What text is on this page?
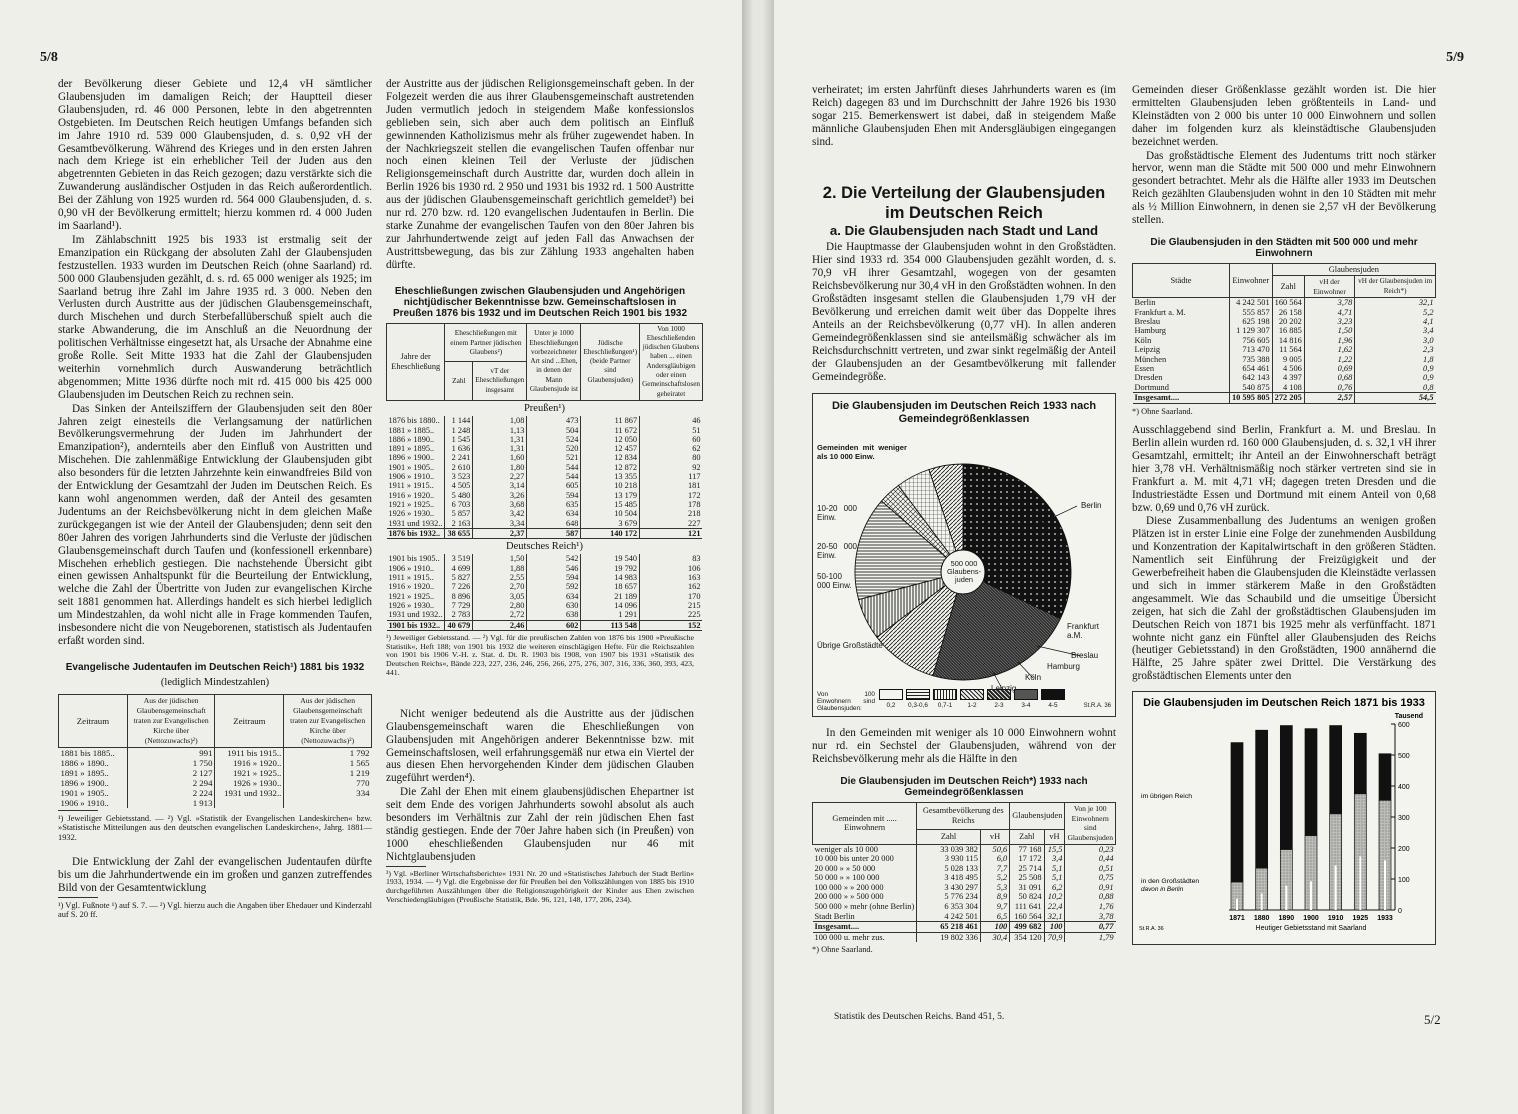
5/8

der Bevölkerung dieser Gebiete und 12,4 vH sämtlicher Glaubensjuden im damaligen Reich; der Hauptteil dieser Glaubensjuden, rd. 46 000 Personen, lebte in den abgetrennten Ostgebieten. Im Deutschen Reich heutigen Umfangs befanden sich im Jahre 1910 rd. 539 000 Glaubensjuden, d. s. 0,92 vH der Gesamtbevölkerung. Während des Krieges und in den ersten Jahren nach dem Kriege ist ein erheblicher Teil der Juden aus den abgetrennten Gebieten in das Reich gezogen; dazu verstärkte sich die Zuwanderung ausländischer Ostjuden in das Reich außerordentlich. Bei der Zählung von 1925 wurden rd. 564 000 Glaubensjuden, d. s. 0,90 vH der Bevölkerung ermittelt; hierzu kommen rd. 4 000 Juden im Saarland¹).

Im Zählabschnitt 1925 bis 1933 ist erstmalig seit der Emanzipation ein Rückgang der absoluten Zahl der Glaubensjuden festzustellen. 1933 wurden im Deutschen Reich (ohne Saarland) rd. 500 000 Glaubensjuden gezählt, d. s. rd. 65 000 weniger als 1925; im Saarland betrug ihre Zahl im Jahre 1935 rd. 3 000. Neben den Verlusten durch Austritte aus der jüdischen Glaubensgemeinschaft, durch Mischehen und durch Sterbefallüberschuß spielt auch die starke Abwanderung, die im Anschluß an die Neuordnung der politischen Verhältnisse eingesetzt hat, als Ursache der Abnahme eine große Rolle. Seit Mitte 1933 hat die Zahl der Glaubensjuden weiterhin vornehmlich durch Auswanderung beträchtlich abgenommen; Mitte 1936 dürfte noch mit rd. 415 000 bis 425 000 Glaubensjuden im Deutschen Reich zu rechnen sein.

Das Sinken der Anteilsziffern der Glaubensjuden seit den 80er Jahren zeigt einesteils die Verlangsamung der natürlichen Bevölkerungsvermehrung der Juden im Jahrhundert der Emanzipation²), andernteils aber den Einfluß von Austritten und Mischehen. Die zahlenmäßige Entwicklung der Glaubensjuden gibt also besonders für die letzten Jahrzehnte kein einwandfreies Bild von der Entwicklung der Gesamtzahl der Juden im Deutschen Reich. Es kann wohl angenommen werden, daß der Anteil des gesamten Judentums an der Reichsbevölkerung nicht in dem gleichen Maße zurückgegangen ist wie der Anteil der Glaubensjuden; denn seit den 80er Jahren des vorigen Jahrhunderts sind die Verluste der jüdischen Glaubensgemeinschaft durch Taufen und (konfessionell erkennbare) Mischehen erheblich gestiegen. Die nachstehende Übersicht gibt einen gewissen Anhaltspunkt für die Beurteilung der Entwicklung, welche die Zahl der Übertritte von Juden zur evangelischen Kirche seit 1881 genommen hat. Allerdings handelt es sich hierbei lediglich um Mindestzahlen, da wohl nicht alle in Frage kommenden Taufen, insbesondere nicht die von Neugeborenen, statistisch als Judentaufen erfaßt worden sind.

Evangelische Judentaufen im Deutschen Reich¹) 1881 bis 1932
(lediglich Mindestzahlen)
Zeitraum	Aus der jüdischen Glaubensgemeinschaft traten zur Evangelischen Kirche über (Nettozuwachs)²)	Zeitraum	Aus der jüdischen Glaubensgemeinschaft traten zur Evangelischen Kirche über (Nettozuwachs)²)
1881 bis 1885..	991	1911 bis 1915..	1 792
1886 » 1890..	1 750	1916 » 1920..	1 565
1891 » 1895..	2 127	1921 » 1925..	1 219
1896 » 1900..	2 294	1926 » 1930..	770
1901 » 1905..	2 224	1931 und 1932..	334
1906 » 1910..	1 913		
¹) Jeweiliger Gebietsstand. — ²) Vgl. »Statistik der Evangelischen Landeskirchen« bzw. »Statistische Mitteilungen aus den deutschen evangelischen Landeskirchen«, Jahrg. 1881—1932.

Die Entwicklung der Zahl der evangelischen Judentaufen dürfte bis um die Jahrhundertwende ein im großen und ganzen zutreffendes Bild von der Gesamtentwicklung

¹) Vgl. Fußnote ¹) auf S. 7. — ²) Vgl. hierzu auch die Angaben über Ehedauer und Kinderzahl auf S. 20 ff.

der Austritte aus der jüdischen Religionsgemeinschaft geben. In der Folgezeit werden die aus ihrer Glaubensgemeinschaft austretenden Juden vermutlich jedoch in steigendem Maße konfessionslos geblieben sein, sich aber auch dem politisch an Einfluß gewinnenden Katholizismus mehr als früher zugewendet haben. In der Nachkriegszeit stellen die evangelischen Taufen offenbar nur noch einen kleinen Teil der Verluste der jüdischen Religionsgemeinschaft durch Austritte dar, wurden doch allein in Berlin 1926 bis 1930 rd. 2 950 und 1931 bis 1932 rd. 1 500 Austritte aus der jüdischen Glaubensgemeinschaft gerichtlich gemeldet³) bei nur rd. 270 bzw. rd. 120 evangelischen Judentaufen in Berlin. Die starke Zunahme der evangelischen Taufen von den 80er Jahren bis zur Jahrhundertwende zeigt auf jeden Fall das Anwachsen der Austrittsbewegung, das bis zur Zählung 1933 angehalten haben dürfte.

Eheschließungen zwischen Glaubensjuden und Angehörigen nichtjüdischer Bekenntnisse bzw. Gemeinschaftslosen in Preußen 1876 bis 1932 und im Deutschen Reich 1901 bis 1932
Jahre der Eheschließung	Eheschließungen mit einem Partner jüdischen Glaubens²)		Unter je 1000 Eheschließungen vorbezeichneter Art sind ...Ehen, in denen der Mann Glaubensjude ist	Jüdische Eheschließungen¹) (beide Partner sind Glaubensjuden)	Von 1000 Eheschließenden jüdischen Glaubens haben ... einen Andersgläubigen oder einen Gemeinschaftslosen geheiratet
	Zahl	vT der Eheschließungen insgesamt			
Preußen¹)					
1876 bis 1880..	1 144	1,08	473	11 867	46
1881 » 1885..	1 248	1,13	504	11 672	51
1886 » 1890..	1 545	1,31	524	12 050	60
1891 » 1895..	1 636	1,31	520	12 457	62
1896 » 1900..	2 241	1,60	521	12 834	80
1901 » 1905..	2 610	1,80	544	12 872	92
1906 » 1910..	3 523	2,27	544	13 355	117
1911 » 1915..	4 505	3,14	605	10 218	181
1916 » 1920..	5 480	3,26	594	13 179	172
1921 » 1925..	6 703	3,68	635	15 485	178
1926 » 1930..	5 857	3,42	634	10 504	218
1931 und 1932..	2 163	3,34	648	3 679	227
1876 bis 1932..	38 655	2,37	587	140 172	121
Deutsches Reich¹)					
1901 bis 1905..	3 519	1,50	542	19 540	83
1906 » 1910..	4 699	1,88	546	19 792	106
1911 » 1915..	5 827	2,55	594	14 983	163
1916 » 1920..	7 226	2,70	592	18 657	162
1921 » 1925..	8 896	3,05	634	21 189	170
1926 » 1930..	7 729	2,80	630	14 096	215
1931 und 1932..	2 783	2,72	638	1 291	225
1901 bis 1932..	40 679	2,46	602	113 548	152
¹) Jeweiliger Gebietsstand. — ²) Vgl. für die preußischen Zahlen von 1876 bis 1900 »Preußische Statistik«, Heft 188; von 1901 bis 1932 die weiteren einschlägigen Hefte. Für die Reichszahlen von 1901 bis 1906 V.-H. z. Stat. d. Dt. R. 1903 bis 1908, von 1907 bis 1931 »Statistik des Deutschen Reichs«, Bände 223, 227, 236, 246, 256, 266, 275, 276, 307, 316, 336, 360, 393, 423, 441.

Nicht weniger bedeutend als die Austritte aus der jüdischen Glaubensgemeinschaft waren die Eheschließungen von Glaubensjuden mit Angehörigen anderer Bekenntnisse bzw. mit Gemeinschaftslosen, weil erfahrungsgemäß nur etwa ein Viertel der aus diesen Ehen hervorgehenden Kinder dem jüdischen Glauben zugeführt werden⁴).

Die Zahl der Ehen mit einem glaubensjüdischen Ehepartner ist seit dem Ende des vorigen Jahrhunderts sowohl absolut als auch besonders im Verhältnis zur Zahl der rein jüdischen Ehen fast ständig gestiegen. Ende der 70er Jahre haben sich (in Preußen) von 1000 eheschließenden Glaubensjuden nur 46 mit Nichtglaubensjuden

³) Vgl. »Berliner Wirtschaftsberichte« 1931 Nr. 20 und »Statistisches Jahrbuch der Stadt Berlin« 1933, 1934. — ⁴) Vgl. die Ergebnisse der für Preußen bei den Volkszählungen von 1885 bis 1910 durchgeführten Auszählungen über die Religionszugehörigkeit der Kinder aus Ehen zwischen Verschiedengläubigen (Preußische Statistik, Bde. 96, 121, 148, 177, 206, 234).
5/9

verheiratet; im ersten Jahrfünft dieses Jahrhunderts waren es (im Reich) dagegen 83 und im Durchschnitt der Jahre 1926 bis 1930 sogar 215. Bemerkenswert ist dabei, daß in steigendem Maße männliche Glaubensjuden Ehen mit Andersgläubigen eingegangen sind.

2. Die Verteilung der Glaubensjuden im Deutschen Reich
a. Die Glaubensjuden nach Stadt und Land

Die Hauptmasse der Glaubensjuden wohnt in den Großstädten. Hier sind 1933 rd. 354 000 Glaubensjuden gezählt worden, d. s. 70,9 vH ihrer Gesamtzahl, wogegen von der gesamten Reichsbevölkerung nur 30,4 vH in den Großstädten wohnen. In den Großstädten insgesamt stellen die Glaubensjuden 1,79 vH der Bevölkerung und erreichen damit weit über das Doppelte ihres Anteils an der Reichsbevölkerung (0,77 vH). In allen anderen Gemeindegrößenklassen sind sie anteilsmäßig schwächer als im Reichsdurchschnitt vertreten, und zwar sinkt regelmäßig der Anteil der Glaubensjuden an der Gesamtbevölkerung mit fallender Gemeindegröße.

Die Glaubensjuden im Deutschen Reich 1933 nach Gemeindegrößenklassen
500 000 Glaubens-juden
Gemeinden mit weniger als 10 000 Einw.
10-20 000 Einw.
20-50 000 Einw.
50-100 000 Einw.
Übrige Großstädte
Berlin
Frankfurt a.M.
Breslau
Hamburg
Köln
Von 100 Einwohnern sind Glaubensjuden:
0,2 0,3-0,6 0,7-1 1-2	2-3	3-4	4-5	St.R.A. 36

In den Gemeinden mit weniger als 10 000 Einwohnern wohnt nur rd. ein Sechstel der Glaubensjuden, während von der Reichsbevölkerung mehr als die Hälfte in den

Die Glaubensjuden im Deutschen Reich*) 1933 nach Gemeindegrößenklassen
Gemeinden mit ..... Einwohnern	Gesamtbevölkerung des Reichs		Glaubensjuden		Von je 100 Einwohnern sind Glaubensjuden
	Zahl	vH	Zahl	vH	
weniger als 10 000	33 039 382	50,6	77 168	15,5	0,23
10 000 bis unter 20 000	3 930 115	6,0	17 172	3,4	0,44
20 000 » » 50 000	5 028 133	7,7	25 714	5,1	0,51
50 000 » » 100 000	3 418 495	5,2	25 508	5,1	0,75
100 000 » » 200 000	3 430 297	5,3	31 091	6,2	0,91
200 000 » » 500 000	5 776 234	8,9	50 824	10,2	0,88
500 000 » mehr (ohne Berlin)	6 353 304	9,7	111 641	22,4	1,76
Stadt Berlin	4 242 501	6,5	160 564	32,1	3,78
Insgesamt....	65 218 461	100	499 682	100	0,77
100 000 u. mehr zus.	19 802 336	30,4	354 120	70,9	1,79
*) Ohne Saarland.
Statistik des Deutschen Reichs. Band 451, 5.	5/2

Gemeinden dieser Größenklasse gezählt worden ist. Die hier ermittelten Glaubensjuden leben größtenteils in Land- und Kleinstädten von 2 000 bis unter 10 000 Einwohnern und sollen daher im folgenden kurz als kleinstädtische Glaubensjuden bezeichnet werden.

Das großstädtische Element des Judentums tritt noch stärker hervor, wenn man die Städte mit 500 000 und mehr Einwohnern gesondert betrachtet. Mehr als die Hälfte aller 1933 im Deutschen Reich gezählten Glaubensjuden wohnt in den 10 Städten mit mehr als ½ Million Einwohnern, in denen sie 2,57 vH der Bevölkerung stellen.

Die Glaubensjuden in den Städten mit 500 000 und mehr Einwohnern
Städte	Einwohner	Glaubensjuden		
		Zahl	vH der Einwohner	vH der Glaubensjuden im Reich*)
Berlin	4 242 501	160 564	3,78	32,1
Frankfurt a. M.	555 857	26 158	4,71	5,2
Breslau	625 198	20 202	3,23	4,1
Hamburg	1 129 307	16 885	1,50	3,4
Köln	756 605	14 816	1,96	3,0
Leipzig	713 470	11 564	1,62	2,3
München	735 388	9 005	1,22	1,8
Essen	654 461	4 506	0,69	0,9
Dresden	642 143	4 397	0,68	0,9
Dortmund	540 875	4 108	0,76	0,8
Insgesamt....	10 595 805	272 205	2,57	54,5
*) Ohne Saarland.

Ausschlaggebend sind Berlin, Frankfurt a. M. und Breslau. In Berlin allein wurden rd. 160 000 Glaubensjuden, d. s. 32,1 vH ihrer Gesamtzahl, ermittelt; ihr Anteil an der Einwohnerschaft beträgt hier 3,78 vH. Verhältnismäßig noch stärker vertreten sind sie in Frankfurt a. M. mit 4,71 vH; dagegen treten Dresden und die Industriestädte Essen und Dortmund mit einem Anteil von 0,68 bzw. 0,69 und 0,76 vH zurück.

Diese Zusammenballung des Judentums an wenigen großen Plätzen ist in erster Linie eine Folge der zunehmenden Ausbildung und Konzentration der Kapitalwirtschaft in den größeren Städten. Namentlich seit Einführung der Freizügigkeit und der Gewerbefreiheit haben die Glaubensjuden die Kleinstädte verlassen und sich in immer stärkerem Maße in den Großstädten angesammelt. Wie das Schaubild und die umseitige Übersicht zeigen, hat sich die Zahl der großstädtischen Glaubensjuden im Deutschen Reich von 1871 bis 1925 mehr als verfünffacht. 1871 wohnte nicht ganz ein Fünftel aller Glaubensjuden des Reichs (heutiger Gebietsstand) in den Großstädten, 1900 annähernd die Hälfte, 25 Jahre später zwei Drittel. Die Verstärkung des großstädtischen Elements unter den

Die Glaubensjuden im Deutschen Reich 1871 bis 1933
Tausend
0
100
200
300
400
500
600
1871 1880 1890 1900 1910 1925 1933
im übrigen Reich
in den Großstädten
davon in Berlin
Heutiger Gebietsstand mit Saarland
St.R.A. 36
